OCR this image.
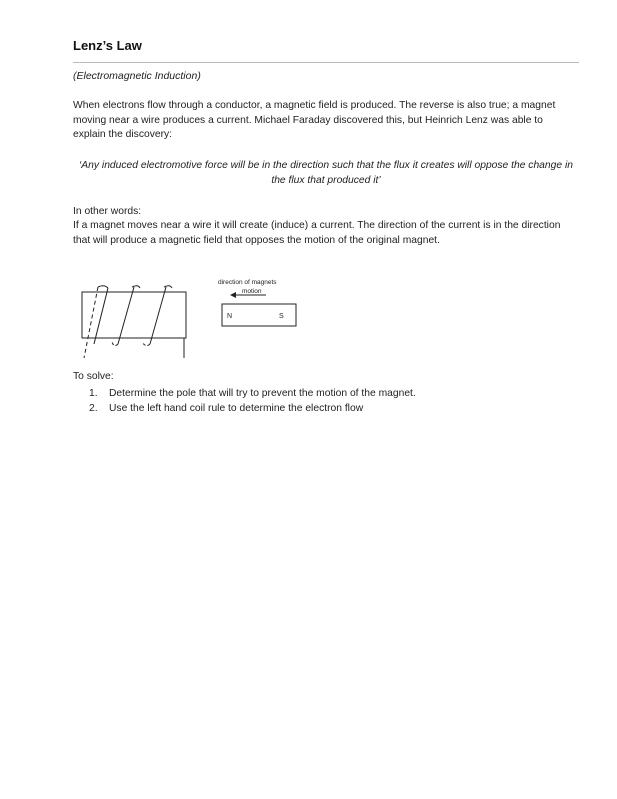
Lenz’s Law
(Electromagnetic Induction)
When electrons flow through a conductor, a magnetic field is produced. The reverse is also true; a magnet moving near a wire produces a current. Michael Faraday discovered this, but Heinrich Lenz was able to explain the discovery:
‘Any induced electromotive force will be in the direction such that the flux it creates will oppose the change in the flux that produced it’
In other words:
If a magnet moves near a wire it will create (induce) a current. The direction of the current is in the direction that will produce a magnetic field that opposes the motion of the original magnet.
direction of magnets
motion
N	S
To solve:
1. Determine the pole that will try to prevent the motion of the magnet.
2. Use the left hand coil rule to determine the electron flow
